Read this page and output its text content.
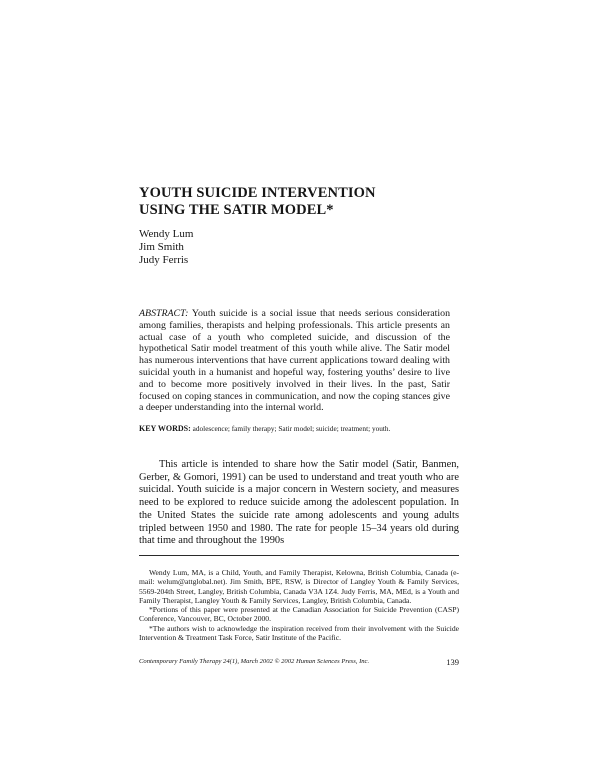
YOUTH SUICIDE INTERVENTION
USING THE SATIR MODEL*
Wendy Lum
Jim Smith
Judy Ferris
ABSTRACT: Youth suicide is a social issue that needs serious consideration among families, therapists and helping professionals. This article presents an actual case of a youth who completed suicide, and discussion of the hypothetical Satir model treatment of this youth while alive. The Satir model has numerous interventions that have current applications toward dealing with suicidal youth in a humanist and hopeful way, fostering youths’ desire to live and to become more positively involved in their lives. In the past, Satir focused on coping stances in communication, and now the coping stances give a deeper understanding into the internal world.
KEY WORDS: adolescence; family therapy; Satir model; suicide; treatment; youth.

This article is intended to share how the Satir model (Satir, Banmen, Gerber, & Gomori, 1991) can be used to understand and treat youth who are suicidal. Youth suicide is a major concern in Western society, and measures need to be explored to reduce suicide among the adolescent population. In the United States the suicide rate among adolescents and young adults tripled between 1950 and 1980. The rate for people 15–34 years old during that time and throughout the 1990s

Wendy Lum, MA, is a Child, Youth, and Family Therapist, Kelowna, British Columbia, Canada (e-mail: welum@attglobal.net). Jim Smith, BPE, RSW, is Director of Langley Youth & Family Services, 5569-204th Street, Langley, British Columbia, Canada V3A 1Z4. Judy Ferris, MA, MEd, is a Youth and Family Therapist, Langley Youth & Family Services, Langley, British Columbia, Canada.

*Portions of this paper were presented at the Canadian Association for Suicide Prevention (CASP) Conference, Vancouver, BC, October 2000.

*The authors wish to acknowledge the inspiration received from their involvement with the Suicide Intervention & Treatment Task Force, Satir Institute of the Pacific.

Contemporary Family Therapy 24(1), March 2002 © 2002 Human Sciences Press, Inc.	139
